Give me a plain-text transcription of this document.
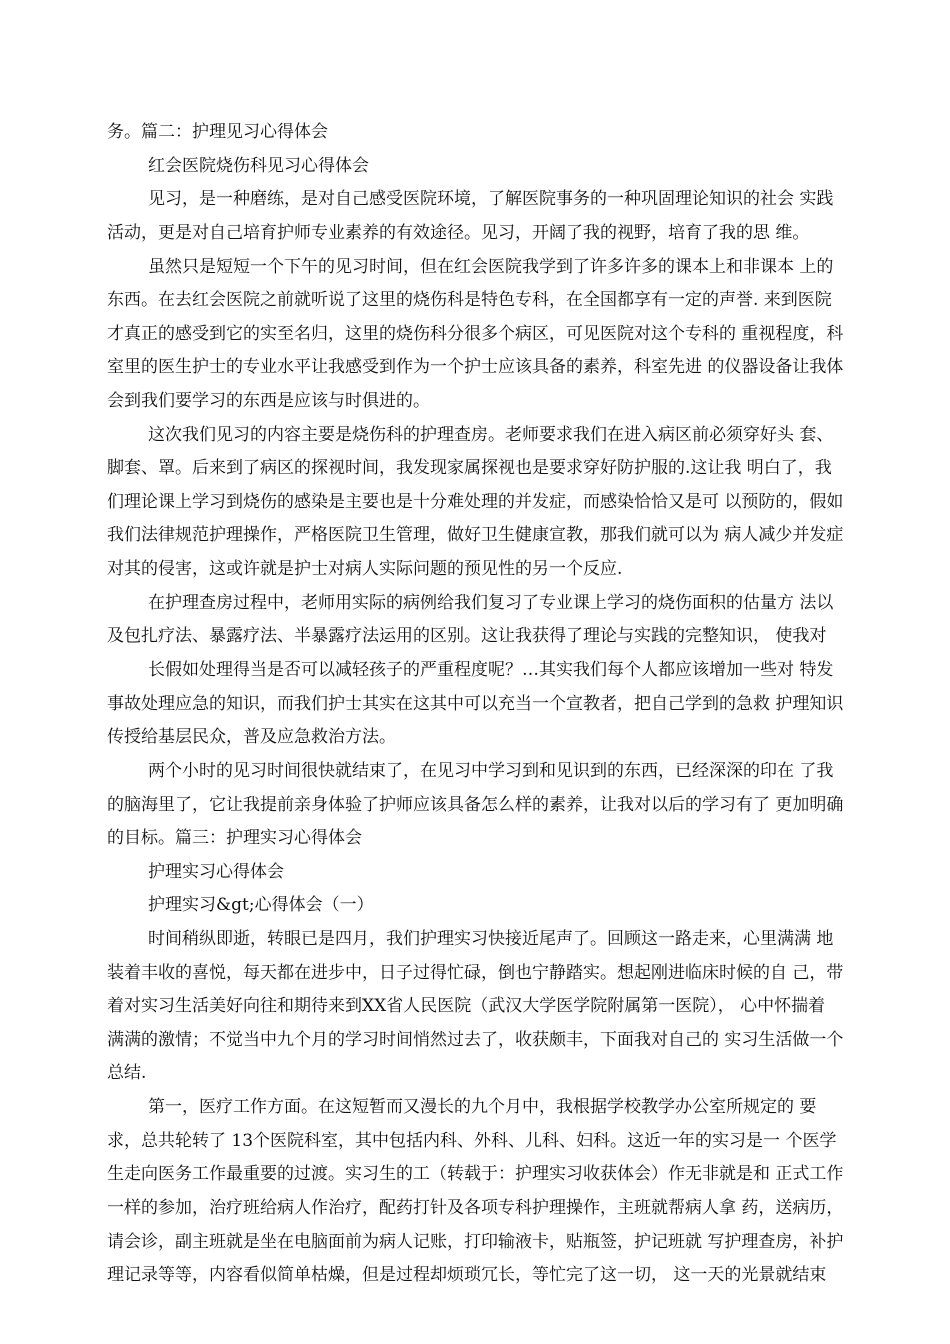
务。篇二：护理见习心得体会
红会医院烧伤科见习心得体会
见习，是一种磨练，是对自己感受医院环境，了解医院事务的一种巩固理论知识的社会 实践
活动，更是对自己培育护师专业素养的有效途径。见习，开阔了我的视野，培育了我的思 维。
虽然只是短短一个下午的见习时间，但在红会医院我学到了许多许多的课本上和非课本 上的
东西。在去红会医院之前就听说了这里的烧伤科是特色专科，在全国都享有一定的声誉. 来到医院
才真正的感受到它的实至名归，这里的烧伤科分很多个病区，可见医院对这个专科的 重视程度，科
室里的医生护士的专业水平让我感受到作为一个护士应该具备的素养，科室先进 的仪器设备让我体
会到我们要学习的东西是应该与时俱进的。
这次我们见习的内容主要是烧伤科的护理查房。老师要求我们在进入病区前必须穿好头 套、
脚套、罩。后来到了病区的探视时间，我发现家属探视也是要求穿好防护服的.这让我 明白了，我
们理论课上学习到烧伤的感染是主要也是十分难处理的并发症，而感染恰恰又是可 以预防的，假如
我们法律规范护理操作，严格医院卫生管理，做好卫生健康宣教，那我们就可以为 病人减少并发症
对其的侵害，这或许就是护士对病人实际问题的预见性的另一个反应.
在护理查房过程中，老师用实际的病例给我们复习了专业课上学习的烧伤面积的估量方 法以
及包扎疗法、暴露疗法、半暴露疗法运用的区别。这让我获得了理论与实践的完整知识， 使我对
长假如处理得当是否可以减轻孩子的严重程度呢？…其实我们每个人都应该增加一些对 特发
事故处理应急的知识，而我们护士其实在这其中可以充当一个宣教者，把自己学到的急救 护理知识
传授给基层民众，普及应急救治方法。
两个小时的见习时间很快就结束了，在见习中学习到和见识到的东西，已经深深的印在 了我
的脑海里了，它让我提前亲身体验了护师应该具备怎么样的素养，让我对以后的学习有了 更加明确
的目标。篇三：护理实习心得体会
护理实习心得体会
护理实习&gt;心得体会（一）
时间稍纵即逝，转眼已是四月，我们护理实习快接近尾声了。回顾这一路走来，心里满满 地
装着丰收的喜悦，每天都在进步中，日子过得忙碌，倒也宁静踏实。想起刚进临床时候的自 己，带
着对实习生活美好向往和期待来到XX省人民医院（武汉大学医学院附属第一医院）， 心中怀揣着
满满的激情；不觉当中九个月的学习时间悄然过去了，收获颇丰，下面我对自己的 实习生活做一个
总结.
第一，医疗工作方面。在这短暂而又漫长的九个月中，我根据学校教学办公室所规定的 要
求，总共轮转了 13个医院科室，其中包括内科、外科、儿科、妇科。这近一年的实习是一 个医学
生走向医务工作最重要的过渡。实习生的工（转载于：护理实习收获体会）作无非就是和 正式工作
一样的参加，治疗班给病人作治疗，配药打针及各项专科护理操作，主班就帮病人拿 药，送病历，
请会诊，副主班就是坐在电脑面前为病人记账，打印输液卡，贴瓶签，护记班就 写护理查房，补护
理记录等等，内容看似简单枯燥，但是过程却烦琐冗长，等忙完了这一切， 这一天的光景就结束
